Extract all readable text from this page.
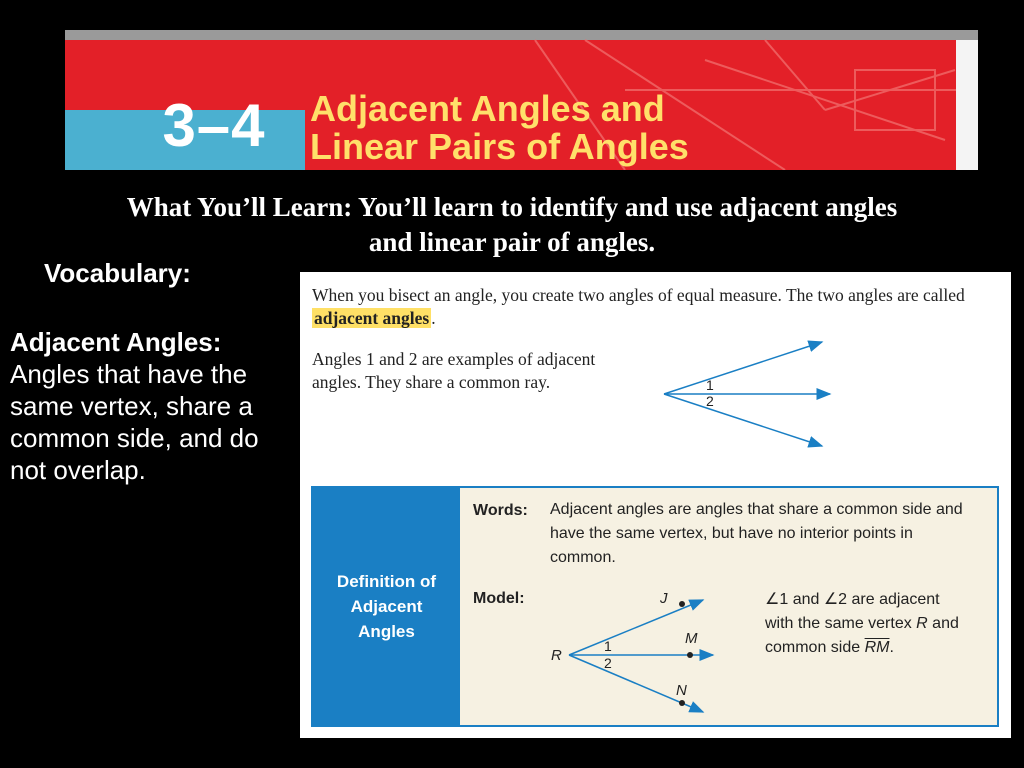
3–4	Adjacent Angles and
Linear Pairs of Angles
What You’ll Learn: You’ll learn to identify and use adjacent angles
and linear pair of angles.
Vocabulary:
Adjacent Angles:  Angles that have the same vertex, share a common side, and do not overlap.
When you bisect an angle, you create two angles of equal measure. The two angles are called adjacent angles .
Angles 1 and 2 are examples of adjacent angles. They share a common ray.	1
2
Definition of Adjacent Angles
Words: Adjacent angles are angles that share a common side and have the same vertex, but have no interior points in common.
Model:	J
M
N
R
1
2
∠1 and ∠2 are adjacent
with the same vertex R and
common side $\overline{RM}$.
